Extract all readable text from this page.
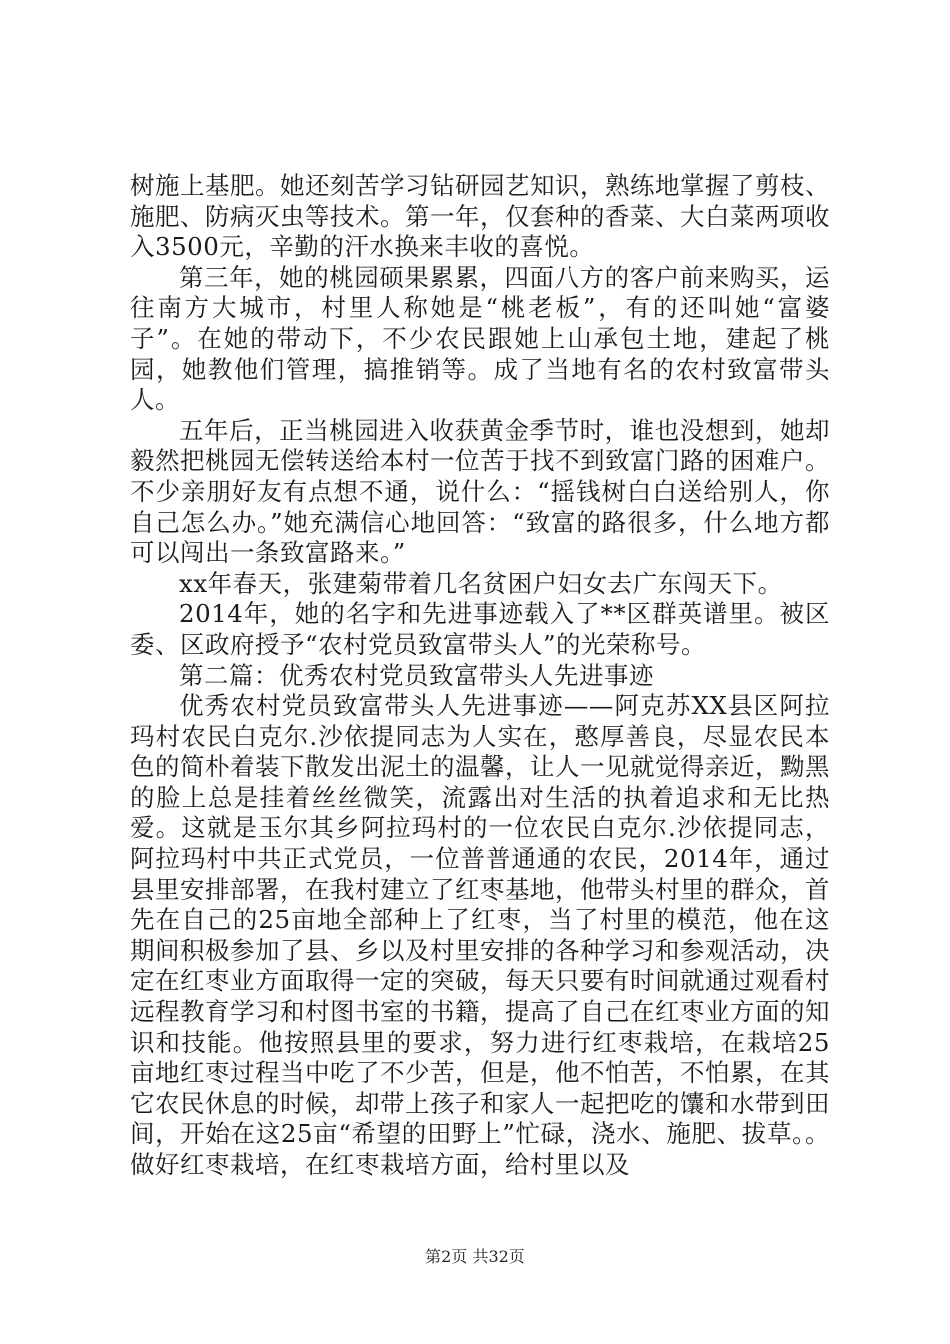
树施上基肥。她还刻苦学习钻研园艺知识，熟练地掌握了剪枝、施肥、防病灭虫等技术。第一年，仅套种的香菜、大白菜两项收入3500元，辛勤的汗水换来丰收的喜悦。

第三年，她的桃园硕果累累，四面八方的客户前来购买，运往南方大城市，村里人称她是“桃老板”，有的还叫她“富婆子”。在她的带动下，不少农民跟她上山承包土地，建起了桃园，她教他们管理，搞推销等。成了当地有名的农村致富带头人。

五年后，正当桃园进入收获黄金季节时，谁也没想到，她却毅然把桃园无偿转送给本村一位苦于找不到致富门路的困难户。不少亲朋好友有点想不通，说什么：“摇钱树白白送给别人，你自己怎么办。”她充满信心地回答：“致富的路很多，什么地方都可以闯出一条致富路来。”

xx年春天，张建菊带着几名贫困户妇女去广东闯天下。

2014年，她的名字和先进事迹载入了**区群英谱里。被区委、区政府授予“农村党员致富带头人”的光荣称号。

第二篇：优秀农村党员致富带头人先进事迹

优秀农村党员致富带头人先进事迹——阿克苏XX县区阿拉玛村农民白克尔.沙依提同志为人实在，憨厚善良，尽显农民本色的简朴着装下散发出泥土的温馨，让人一见就觉得亲近，黝黑的脸上总是挂着丝丝微笑，流露出对生活的执着追求和无比热爱。这就是玉尔其乡阿拉玛村的一位农民白克尔.沙依提同志，阿拉玛村中共正式党员，一位普普通通的农民，2014年，通过县里安排部署，在我村建立了红枣基地，他带头村里的群众，首先在自己的25亩地全部种上了红枣，当了村里的模范，他在这期间积极参加了县、乡以及村里安排的各种学习和参观活动，决定在红枣业方面取得一定的突破，每天只要有时间就通过观看村远程教育学习和村图书室的书籍，提高了自己在红枣业方面的知识和技能。他按照县里的要求，努力进行红枣栽培，在栽培25亩地红枣过程当中吃了不少苦，但是，他不怕苦，不怕累，在其它农民休息的时候，却带上孩子和家人一起把吃的馕和水带到田间，开始在这25亩“希望的田野上”忙碌，浇水、施肥、拔草。。做好红枣栽培，在红枣栽培方面，给村里以及

第2页 共32页
